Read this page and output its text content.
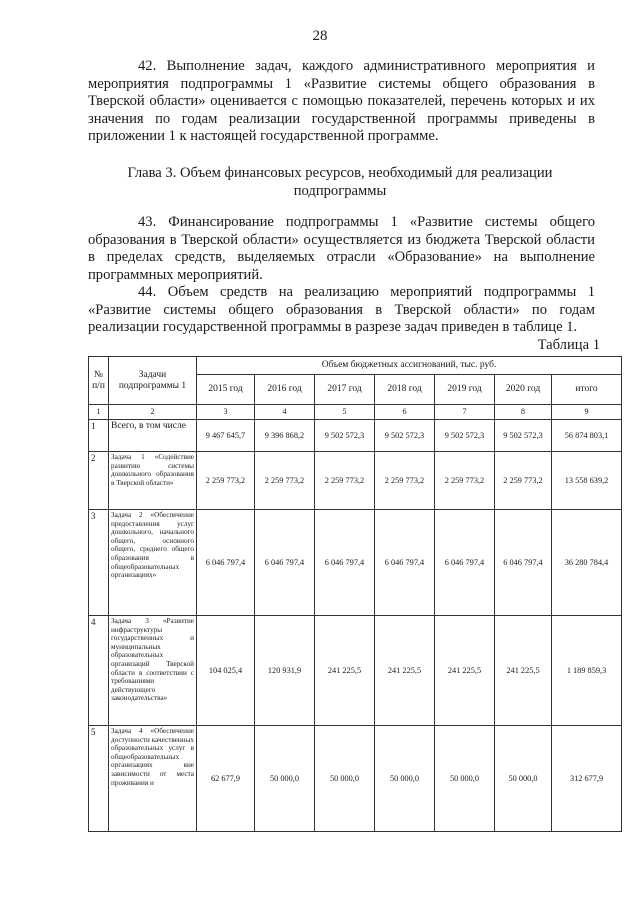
28
42. Выполнение задач, каждого административного мероприятия и мероприятия подпрограммы 1 «Развитие системы общего образования в Тверской области» оценивается с помощью показателей, перечень которых и их значения по годам реализации государственной программы приведены в приложении 1 к настоящей государственной программе.
Глава 3. Объем финансовых ресурсов, необходимый для реализации подпрограммы
43. Финансирование подпрограммы 1 «Развитие системы общего образования в Тверской области» осуществляется из бюджета Тверской области в пределах средств, выделяемых отрасли «Образование» на выполнение программных мероприятий.
44. Объем средств на реализацию мероприятий подпрограммы 1 «Развитие системы общего образования в Тверской области» по годам реализации государственной программы в разрезе задач приведен в таблице 1.
Таблица 1
№ п/п	Задачи подпрограммы 1	Объем бюджетных ассигнований, тыс. руб.						
		2015 год	2016 год	2017 год	2018 год	2019 год	2020 год	итого
1	2	3	4	5	6	7	8	9
1	Всего, в том числе	9 467 645,7	9 396 868,2	9 502 572,3	9 502 572,3	9 502 572,3	9 502 572,3	56 874 803,1
2	Задача 1 «Содействие развитию системы дошкольного образования в Тверской области»	2 259 773,2	2 259 773,2	2 259 773,2	2 259 773,2	2 259 773,2	2 259 773,2	13 558 639,2
3	Задача 2 «Обеспечение предоставления услуг дошкольного, начального общего, основного общего, среднего общего образования в общеобразовательных организациях»	6 046 797,4	6 046 797,4	6 046 797,4	6 046 797,4	6 046 797,4	6 046 797,4	36 280 784,4
4	Задача 3 «Развитие инфраструктуры государственных и муниципальных образовательных организаций Тверской области в соответствии с требованиями действующего законодательства»	104 025,4	120 931,9	241 225,5	241 225,5	241 225,5	241 225,5	1 189 859,3
5	Задача 4 «Обеспечение доступности качественных образовательных услуг в общеобразовательных организациях вне зависимости от места проживания и	62 677,9	50 000,0	50 000,0	50 000,0	50 000,0	50 000,0	312 677,9
